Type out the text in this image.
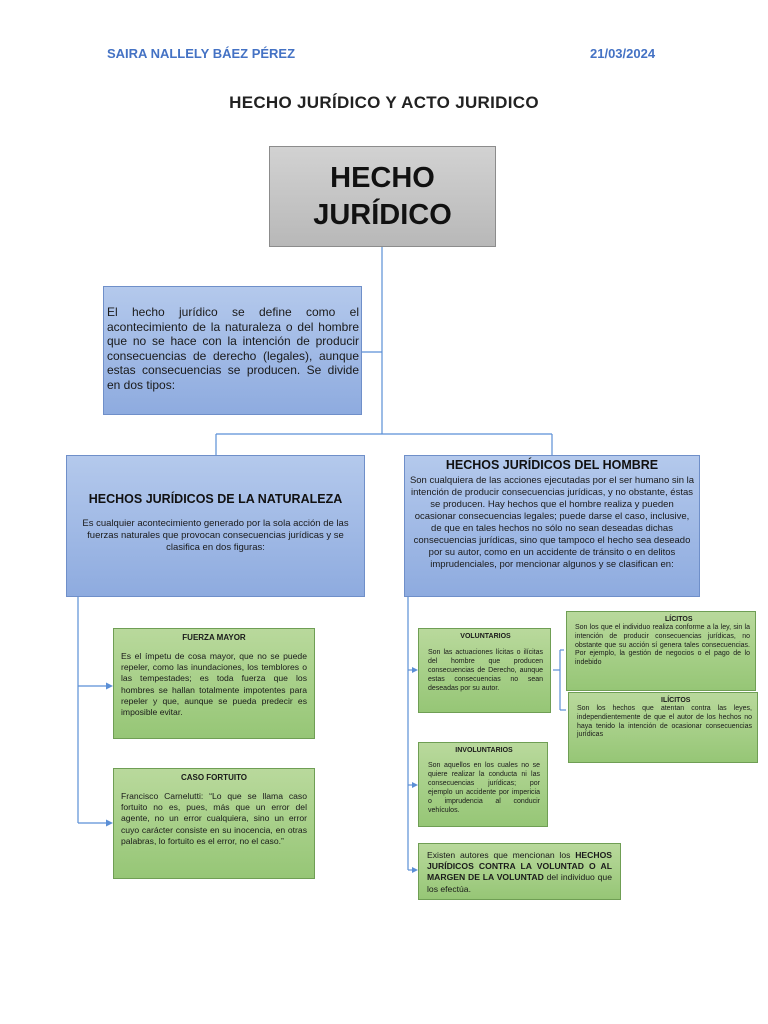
SAIRA NALLELY BÁEZ PÉREZ	21/03/2024
HECHO JURÍDICO Y ACTO JURIDICO
HECHO
JURÍDICO
El hecho jurídico se define como el acontecimiento de la naturaleza o del hombre que no se hace con la intención de producir consecuencias de derecho (legales), aunque estas consecuencias se producen. Se divide en dos tipos:
HECHOS JURÍDICOS DE LA NATURALEZA

Es cualquier acontecimiento generado por la sola acción de las fuerzas naturales que provocan consecuencias jurídicas y se clasifica en dos figuras:

HECHOS JURÍDICOS DEL HOMBRE

Son cualquiera de las acciones ejecutadas por el ser humano sin la intención de producir consecuencias jurídicas, y no obstante, éstas se producen. Hay hechos que el hombre realiza y pueden ocasionar consecuencias legales; puede darse el caso, inclusive, de que en tales hechos no sólo no sean deseadas dichas consecuencias jurídicas, sino que tampoco el hecho sea deseado por su autor, como en un accidente de tránsito o en delitos imprudenciales, por mencionar algunos y se clasifican en:

FUERZA MAYOR

Es el ímpetu de cosa mayor, que no se puede repeler, como las inundaciones, los temblores o las tempestades; es toda fuerza que los hombres se hallan totalmente impotentes para repeler y que, aunque se pueda predecir es imposible evitar.

CASO FORTUITO

Francisco Carnelutti: “Lo que se llama caso fortuito no es, pues, más que un error del agente, no un error cualquiera, sino un error cuyo carácter consiste en su inocencia, en otras palabras, lo fortuito es el error, no el caso.”

VOLUNTARIOS

Son las actuaciones lícitas o ilícitas del hombre que producen consecuencias de Derecho, aunque estas consecuencias no sean deseadas por su autor.

LÍCITOS

Son los que el individuo realiza conforme a la ley, sin la intención de producir consecuencias jurídicas, no obstante que su acción sí genera tales consecuencias. Por ejemplo, la gestión de negocios o el pago de lo indebido

ILÍCITOS

Son los hechos que atentan contra las leyes, independientemente de que el autor de los hechos no haya tenido la intención de ocasionar consecuencias jurídicas

INVOLUNTARIOS

Son aquellos en los cuales no se quiere realizar la conducta ni las consecuencias jurídicas; por ejemplo un accidente por impericia o imprudencia al conducir vehículos.

Existen autores que mencionan los HECHOS JURÍDICOS CONTRA LA VOLUNTAD O AL MARGEN DE LA VOLUNTAD del individuo que los efectúa.
